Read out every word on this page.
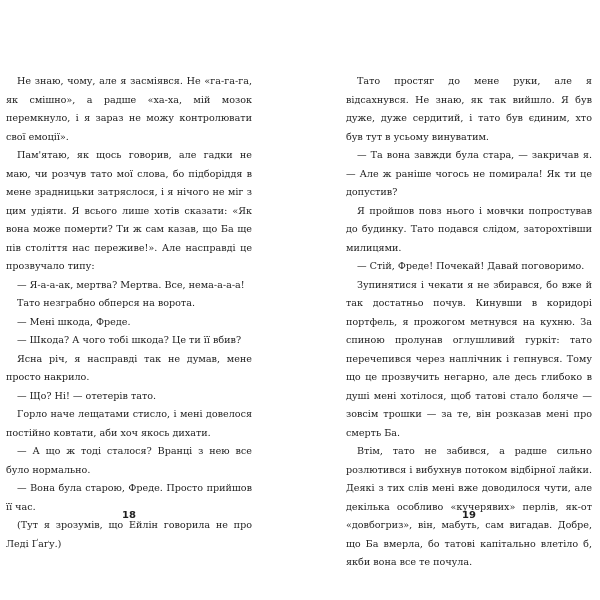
Не знаю, чому, але я засміявся. Не «га-га-га, як смішно», а радше «ха-ха, мій мозок перемкнуло, і я зараз не можу контролювати свої емоції».

Пам'ятаю, як щось говорив, але гадки не маю, чи розчув тато мої слова, бо підборіддя в мене зрадницьки затряслося, і я нічого не міг з цим удіяти. Я всього лише хотів сказати: «Як вона може померти? Ти ж сам казав, що Ба ще пів століття нас переживе!». Але насправді це прозвучало типу:

— Я-а-а-ак, мертва? Мертва. Все, нема-а-а-а!

Тато незграбно обперся на ворота.

— Мені шкода, Фреде.

— Шкода? А чого тобі шкода? Це ти її вбив?

Ясна річ, я насправді так не думав, мене просто накрило.

— Що? Ні! — отетерів тато.

Горло наче лещатами стисло, і мені довелося постійно ковтати, аби хоч якось дихати.

— А що ж тоді сталося? Вранці з нею все було нормально.

— Вона була старою, Фреде. Просто прийшов її час.

(Тут я зрозумів, що Ейлін говорила не про Леді Ґаґу.)

18

Тато простяг до мене руки, але я відсахнувся. Не знаю, як так вийшло. Я був дуже, дуже сердитий, і тато був єдиним, хто був тут в усьому винуватим.

— Та вона завжди була стара, — закричав я. — Але ж раніше чогось не помирала! Як ти це допустив?

Я пройшов повз нього і мовчки попростував до будинку. Тато подався слідом, заторохтівши милицями.

— Стій, Фреде! Почекай! Давай поговоримо.

Зупинятися і чекати я не збирався, бо вже й так достатньо почув. Кинувши в коридорі портфель, я прожогом метнувся на кухню. За спиною пролунав оглушливий гуркіт: тато перечепився через наплічник і гепнувся. Тому що це прозвучить негарно, але десь глибоко в душі мені хотілося, щоб татові стало боляче — зовсім трошки — за те, він розказав мені про смерть Ба.

Втім, тато не забився, а радше сильно розлютився і вибухнув потоком відбірної лайки. Деякі з тих слів мені вже доводилося чути, але декілька особливо «кучерявих» перлів, як-от «довбогриз», він, мабуть, сам вигадав. Добре, що Ба вмерла, бо татові капітально влетіло б, якби вона все те почула.

19
